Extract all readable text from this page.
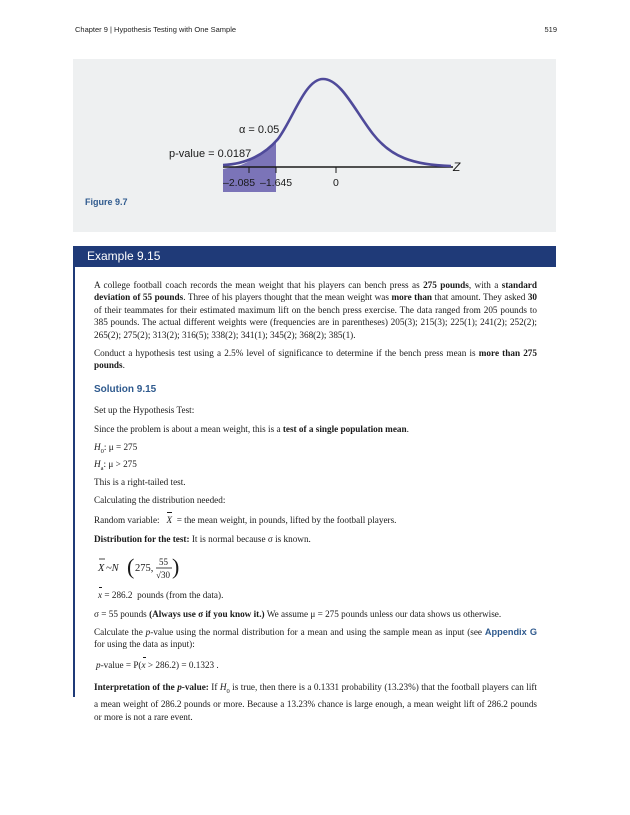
Chapter 9 | Hypothesis Testing with One Sample	519
–2.085 –1.645	0
α = 0.05
p-value = 0.0187
Z
Figure 9.7
Example 9.15

A college football coach records the mean weight that his players can bench press as 275 pounds, with a standard deviation of 55 pounds. Three of his players thought that the mean weight was more than that amount. They asked 30 of their teammates for their estimated maximum lift on the bench press exercise. The data ranged from 205 pounds to 385 pounds. The actual different weights were (frequencies are in parentheses) 205(3); 215(3); 225(1); 241(2); 252(2); 265(2); 275(2); 313(2); 316(5); 338(2); 341(1); 345(2); 368(2); 385(1).

Conduct a hypothesis test using a 2.5% level of significance to determine if the bench press mean is more than 275 pounds.

Solution 9.15

Set up the Hypothesis Test:

Since the problem is about a mean weight, this is a test of a single population mean.

$H_0$: μ = 275
$H_a$: μ > 275
This is a right-tailed test.

Calculating the distribution needed:

Random variable:   X  = the mean weight, in pounds, lifted by the football players.

Distribution for the test: It is normal because σ is known.

X ~N ( 275,
55
√30 )

x = 286.2 pounds (from the data).

σ = 55 pounds (Always use σ if you know it.) We assume μ = 275 pounds unless our data shows us otherwise.

Calculate the p-value using the normal distribution for a mean and using the sample mean as input (see Appendix G for using the data as input):

p-value = P(x > 286.2) = 0.1323 .

Interpretation of the p-value: If $H_0$ is true, then there is a 0.1331 probability (13.23%) that the football players can lift a mean weight of 286.2 pounds or more. Because a 13.23% chance is large enough, a mean weight lift of 286.2 pounds or more is not a rare event.
